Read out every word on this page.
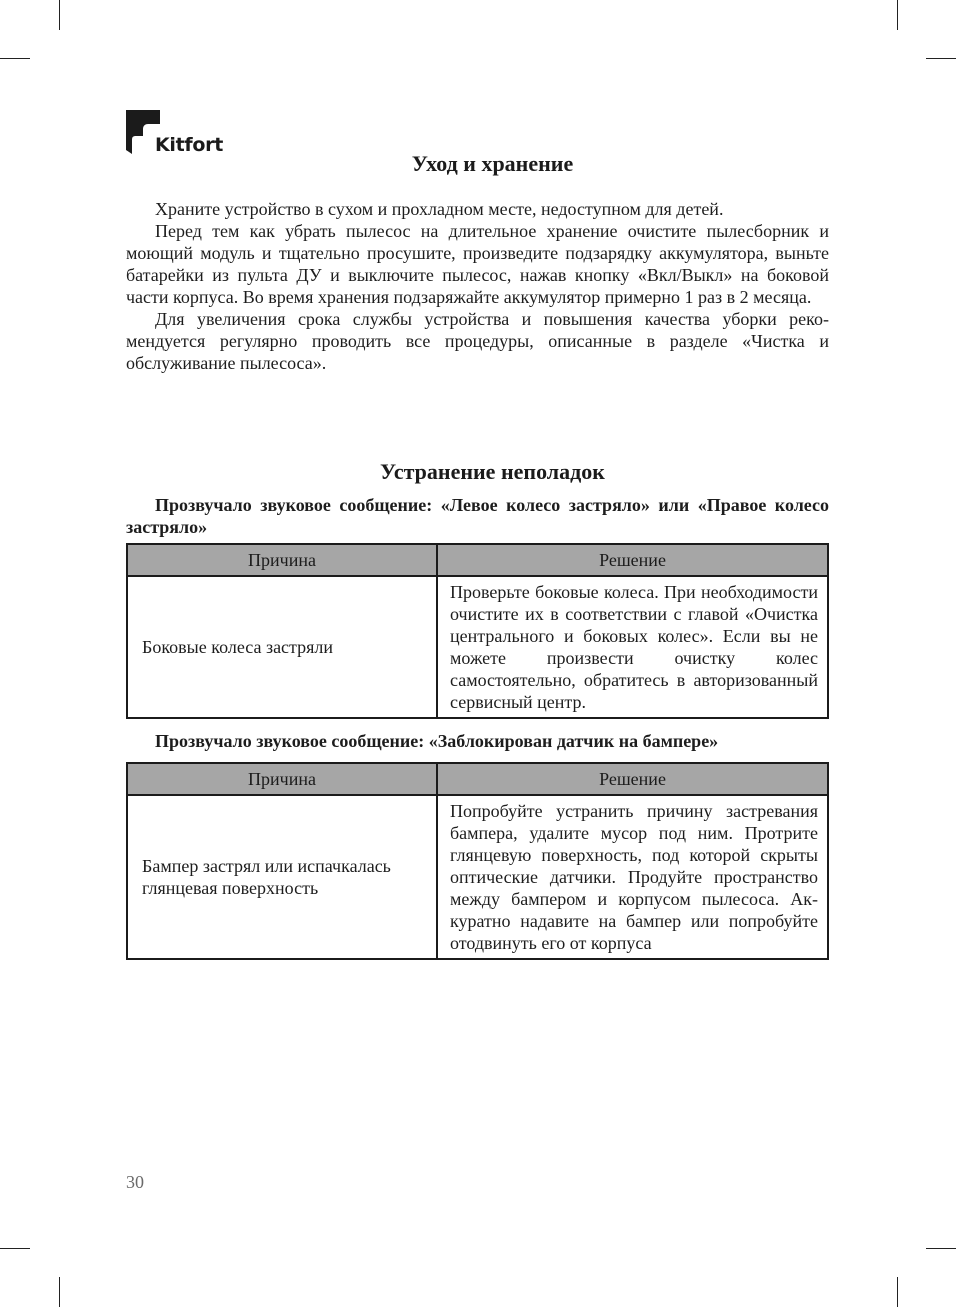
Kitfort
Уход и хранение

Храните устройство в сухом и прохладном месте, недоступном для детей.

Перед тем как убрать пылесос на длительное хранение очистите пылесборник и моющий модуль и тщательно просушите, произведите подзарядку аккумулятора, выньте батарейки из пульта ДУ и выключите пылесос, нажав кнопку «Вкл/Выкл» на боковой части корпуса. Во время хранения подзаряжайте аккумулятор примерно 1 раз в 2 месяца.

Для увеличения срока службы устройства и повышения качества уборки рекомендуется регулярно проводить все процедуры, описанные в разделе «Чистка и обслуживание пылесоса».

Устранение неполадок

Прозвучало звуковое сообщение: «Левое колесо застряло» или «Правое колесо застряло»

Причина	Решение
Боковые колеса застряли	Проверьте боковые колеса. При необходимости очистите их в соответствии с главой «Очистка центрального и боковых колес». Если вы не можете произвести очистку колес самостоятельно, обратитесь в авторизованный сервисный центр.

Прозвучало звуковое сообщение: «Заблокирован датчик на бампере»

Причина	Решение
Бампер застрял или испачкалась глянцевая поверхность	Попробуйте устранить причину застревания бампера, удалите мусор под ним. Протрите глянцевую поверхность, под которой скрыты оптические датчики. Продуйте пространство между бампером и корпусом пылесоса. Аккуратно надавите на бампер или попробуйте отодвинуть его от корпуса
30
